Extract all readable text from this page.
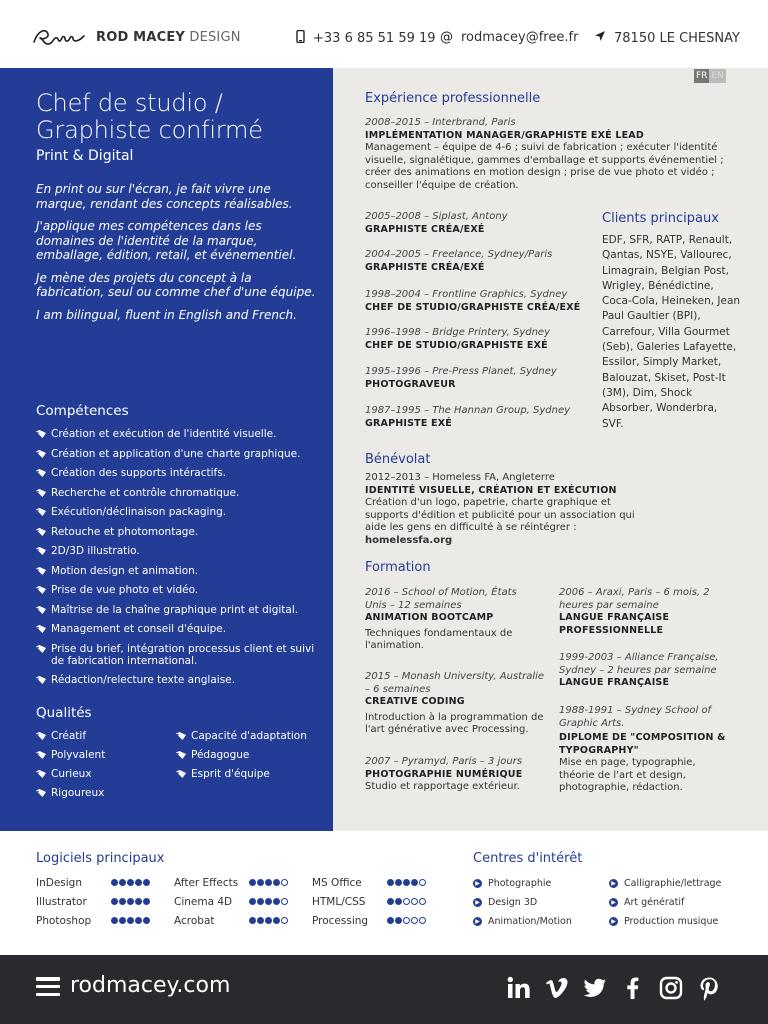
ROD MACEY DESIGN	+33 6 85 51 59 19 @ rodmacey@free.fr	78150 LE CHESNAY
Chef de studio /
Graphiste confirmé
Print & Digital

En print ou sur l'écran, je fait vivre une marque, rendant des concepts réalisables.

J'applique mes compétences dans les domaines de l'identité de la marque, emballage, édition, retail, et événementiel.

Je mène des projets du concept à la fabrication, seul ou comme chef d'une équipe.

I am bilingual, fluent in English and French.

Compétences
Création et exécution de l'identité visuelle.
Création et application d'une charte graphique.
Création des supports intéractifs.
Recherche et contrôle chromatique.
Exécution/déclinaison packaging.
Retouche et photomontage.
2D/3D illustratio.
Motion design et animation.
Prise de vue photo et vidéo.
Maîtrise de la chaîne graphique print et digital.
Management et conseil d'équipe.
Prise du brief, intégration processus client et suivi de fabrication international.
Rédaction/relecture texte anglaise.
Qualités
Créatif	Capacité d'adaptation
Polyvalent	Pédagogue
Curieux	Esprit d'équipe
Rigoureux
FR EN
Expérience professionnelle
2008–2015 – Interbrand, Paris
IMPLÉMENTATION MANAGER/GRAPHISTE EXÉ LEAD
Management – équipe de 4-6 ; suivi de fabrication ; exécuter l'identité visuelle, signalétique, gammes d'emballage et supports événementiel ; créer des animations en motion design ; prise de vue photo et vidéo ; conseiller l'équipe de création.
2005–2008 – Siplast, Antony
GRAPHISTE CRÉA/EXÉ
2004–2005 – Freelance, Sydney/Paris
GRAPHISTE CRÉA/EXÉ
1998–2004 – Frontline Graphics, Sydney
CHEF DE STUDIO/GRAPHISTE CRÉA/EXÉ
1996–1998 – Bridge Printery, Sydney
CHEF DE STUDIO/GRAPHISTE EXÉ
1995–1996 – Pre-Press Planet, Sydney
PHOTOGRAVEUR
1987–1995 – The Hannan Group, Sydney
GRAPHISTE EXÉ
Clients principaux
EDF, SFR, RATP, Renault, Qantas, NSYE, Vallourec, Limagrain, Belgian Post, Wrigley, Bénédictine, Coca-Cola, Heineken, Jean Paul Gaultier (BPI), Carrefour, Villa Gourmet (Seb), Galeries Lafayette, Essilor, Simply Market, Balouzat, Skiset, Post-It (3M), Dim, Shock Absorber, Wonderbra, SVF.
Bénévolat
2012–2013 – Homeless FA, Angleterre
IDENTITÉ VISUELLE, CRÉATION ET EXÉCUTION
Création d'un logo, papetrie, charte graphique et supports d'édition et publicité pour un association qui aide les gens en difficulté à se réintégrer : homelessfa.org
Formation
2016 – School of Motion, États Unis – 12 semaines
ANIMATION BOOTCAMP
Techniques fondamentaux de l'animation.
2015 – Monash University, Australie – 6 semaines
CREATIVE CODING
Introduction à la programmation de l'art générative avec Processing.
2007 – Pyramyd, Paris – 3 jours
PHOTOGRAPHIE NUMÉRIQUE
Studio et rapportage extérieur.
2006 – Araxi, Paris – 6 mois, 2 heures par semaine
LANGUE FRANÇAISE PROFESSIONNELLE
1999-2003 – Alliance Française, Sydney – 2 heures par semaine
LANGUE FRANÇAISE
1988-1991 – Sydney School of Graphic Arts.
DIPLOME DE "COMPOSITION & TYPOGRAPHY"
Mise en page, typographie, théorie de l'art et design, photographie, rédaction.
Logiciels principaux
InDesign	After Effects	MS Office
Illustrator	Cinema 4D	HTML/CSS
Photoshop	Acrobat	Processing
Centres d'intérêt
▶ Photographie	▶ Calligraphie/lettrage
▶ Design 3D	▶ Art génératif
▶ Animation/Motion	▶ Production musique
rodmacey.com
